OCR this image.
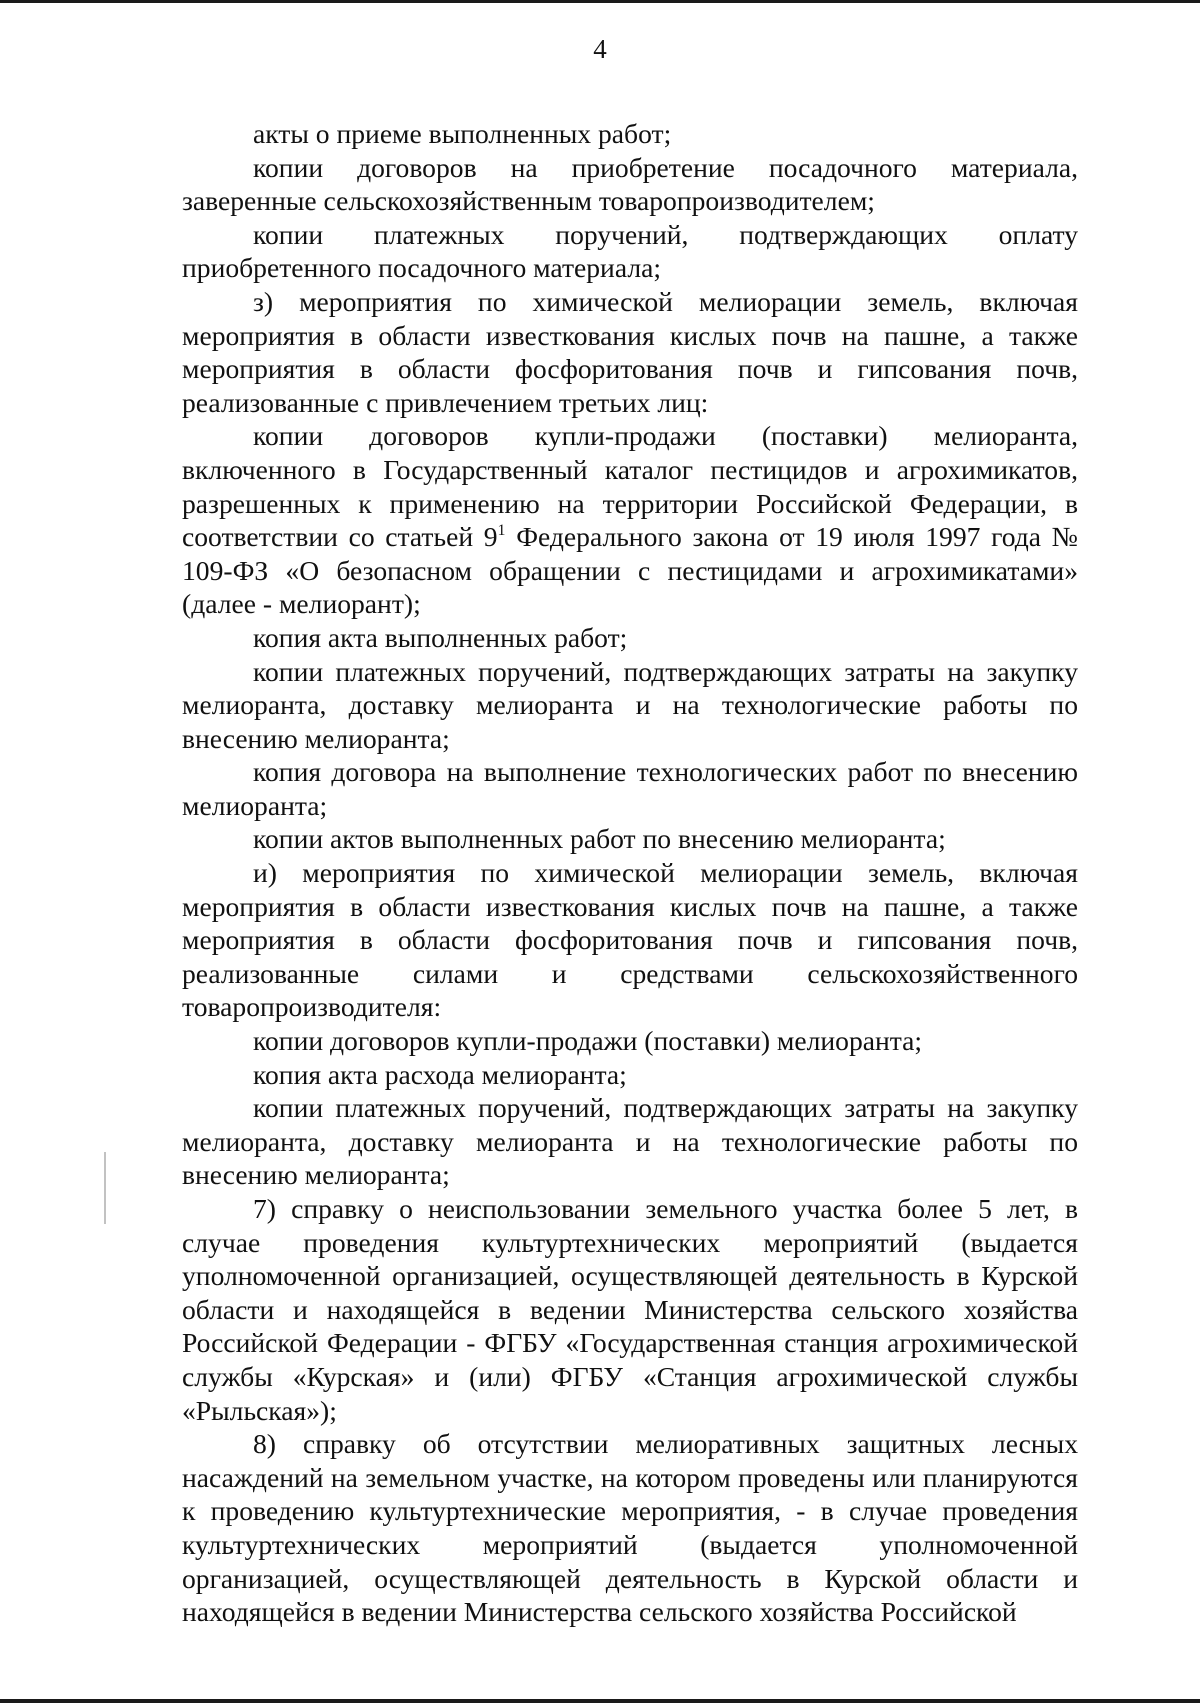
4

акты о приеме выполненных работ;

копии договоров на приобретение посадочного материала, заверенные сельскохозяйственным товаропроизводителем;

копии платежных поручений, подтверждающих оплату приобретенного посадочного материала;

з) мероприятия по химической мелиорации земель, включая мероприятия в области известкования кислых почв на пашне, а также мероприятия в области фосфоритования почв и гипсования почв, реализованные с привлечением третьих лиц:

копии договоров купли-продажи (поставки) мелиоранта, включенного в Государственный каталог пестицидов и агрохимикатов, разрешенных к применению на территории Российской Федерации, в соответствии со статьей $9^1$ Федерального закона от 19 июля 1997 года № 109-ФЗ «О безопасном обращении с пестицидами и агрохимикатами» (далее - мелиорант);

копия акта выполненных работ;

копии платежных поручений, подтверждающих затраты на закупку мелиоранта, доставку мелиоранта и на технологические работы по внесению мелиоранта;

копия договора на выполнение технологических работ по внесению мелиоранта;

копии актов выполненных работ по внесению мелиоранта;

и) мероприятия по химической мелиорации земель, включая мероприятия в области известкования кислых почв на пашне, а также мероприятия в области фосфоритования почв и гипсования почв, реализованные силами и средствами сельскохозяйственного товаропроизводителя:

копии договоров купли-продажи (поставки) мелиоранта;

копия акта расхода мелиоранта;

копии платежных поручений, подтверждающих затраты на закупку мелиоранта, доставку мелиоранта и на технологические работы по внесению мелиоранта;

7) справку о неиспользовании земельного участка более 5 лет, в случае проведения культуртехнических мероприятий (выдается уполномоченной организацией, осуществляющей деятельность в Курской области и находящейся в ведении Министерства сельского хозяйства Российской Федерации - ФГБУ «Государственная станция агрохимической службы «Курская» и (или) ФГБУ «Станция агрохимической службы «Рыльская»);

8) справку об отсутствии мелиоративных защитных лесных насаждений на земельном участке, на котором проведены или планируются к проведению культуртехнические мероприятия, - в случае проведения культуртехнических мероприятий (выдается уполномоченной организацией, осуществляющей деятельность в Курской области и находящейся в ведении Министерства сельского хозяйства Российской
